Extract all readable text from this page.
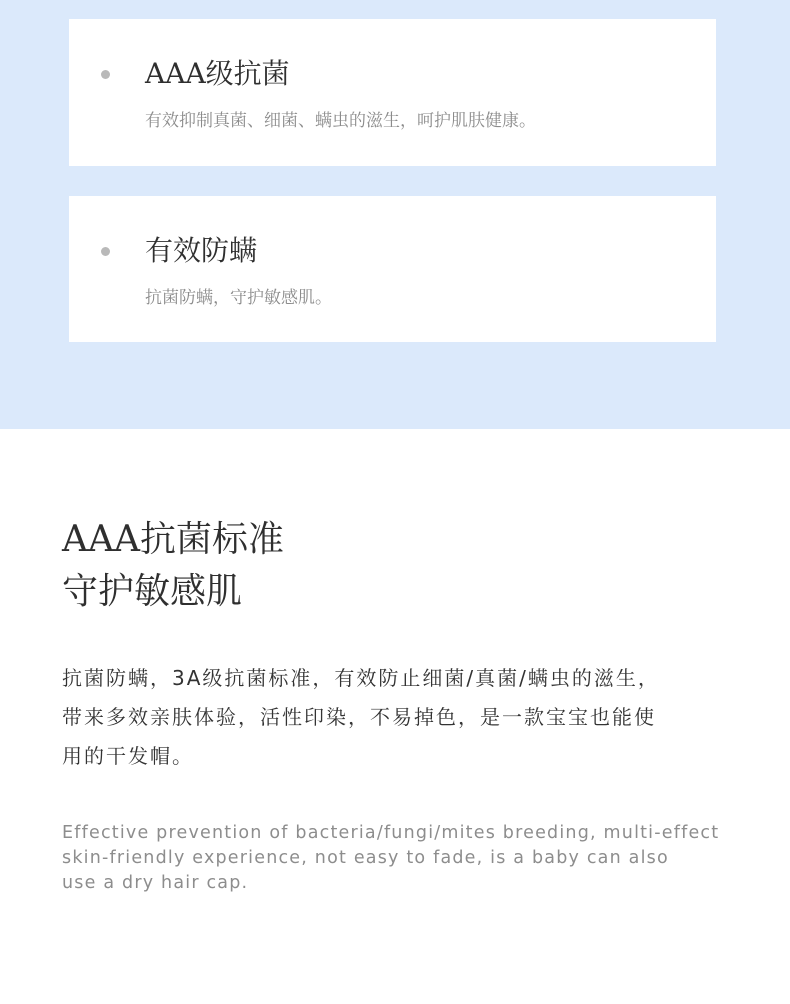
AAA级抗菌
有效抑制真菌、细菌、螨虫的滋生，呵护肌肤健康。
有效防螨
抗菌防螨，守护敏感肌。
AAA抗菌标准
守护敏感肌
抗菌防螨，3A级抗菌标准，有效防止细菌/真菌/螨虫的滋生，
带来多效亲肤体验，活性印染，不易掉色，是一款宝宝也能使
用的干发帽。
Effective prevention of bacteria/fungi/mites breeding, multi-effect
skin-friendly experience, not easy to fade, is a baby can also
use a dry hair cap.
